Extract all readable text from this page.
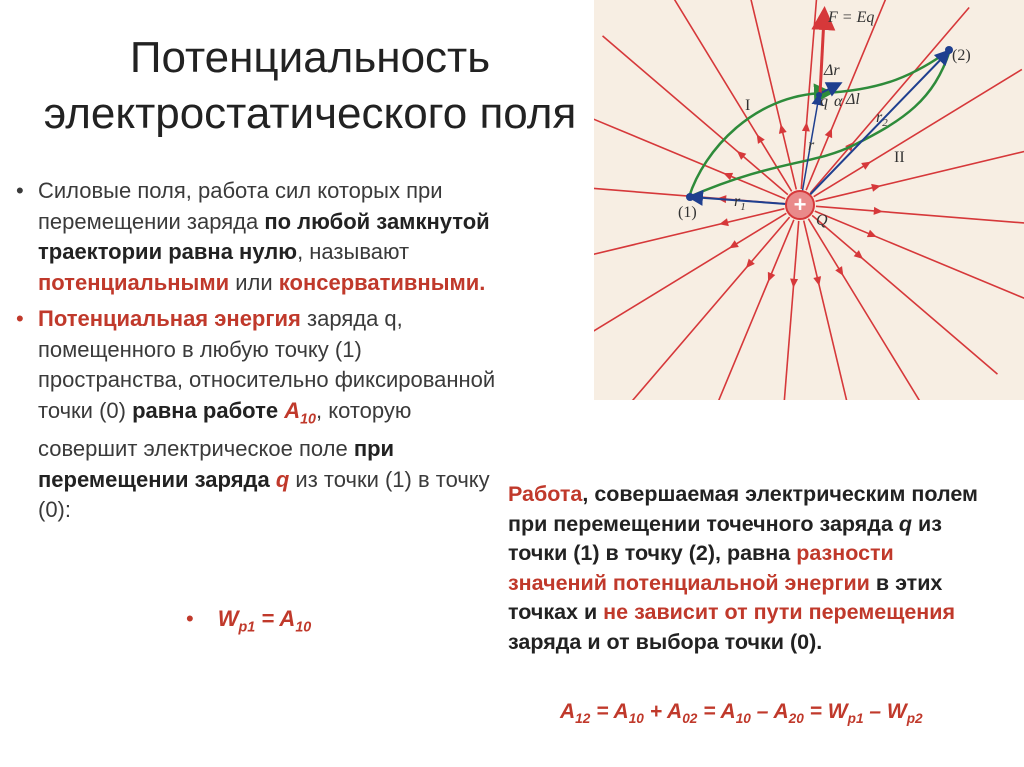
Потенциальность
электростатического поля
• Силовые поля, работа сил которых при перемещении заряда по любой замкнутой траектории равна нулю, называют потенциальными или консервативными.
• Потенциальная энергия заряда q, помещенного в любую точку (1) пространства, относительно фиксированной точки (0) равна работе $A_{10}$, которую совершит электрическое поле при перемещении заряда q из точки (1) в точку (0):
• $W_{p1} = A_{10}$
Работа, совершаемая электрическим полем при перемещении точечного заряда q из точки (1) в точку (2), равна разности значений потенциальной энергии в этих точках и не зависит от пути перемещения заряда и от выбора точки (0).
$A_{12} = A_{10} + A_{02} = A_{10} - A_{20} = W_{p1} - W_{p2}$
+
F = Eq
Δr
q α Δl
r
$r_1$
$r_2$
Q
(1)
(2)
I
II
